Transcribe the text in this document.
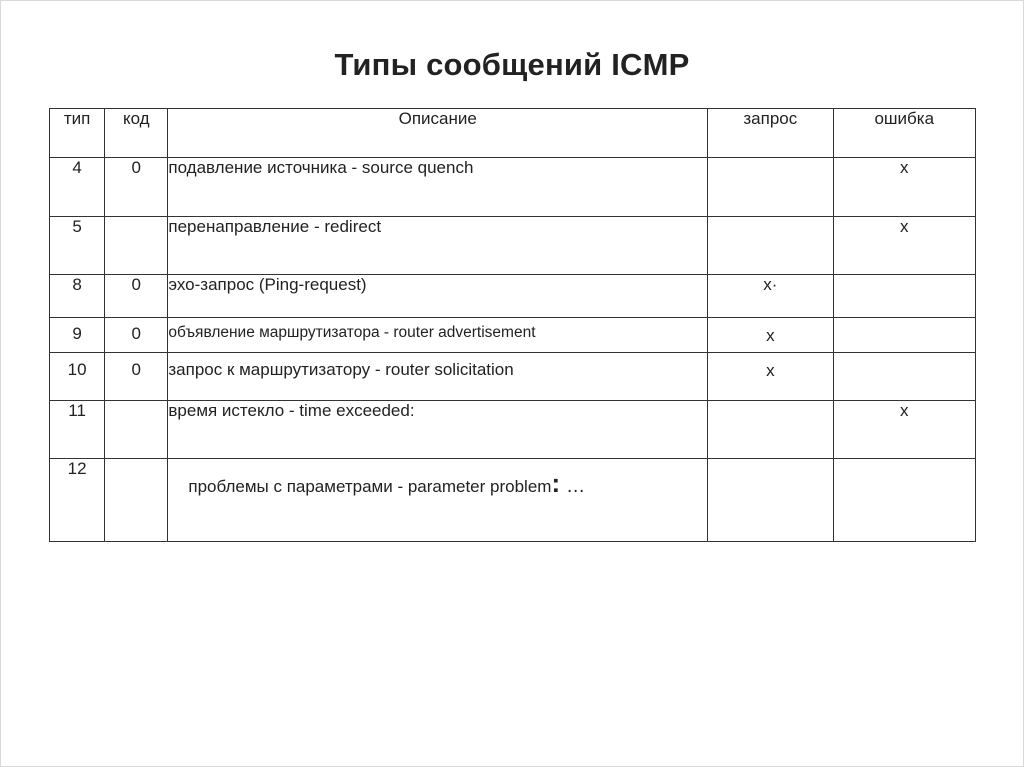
Типы сообщений ICMP
тип	код	Описание	запрос	ошибка
4	0	подавление источника - source quench		x
5		перенаправление - redirect		x
8	0	эхо-запрос (Ping-request)	x·	
9	0	объявление маршрутизатора - router advertisement	x	
10	0	запрос к маршрутизатору - router solicitation	x	
11		время истекло - time exceeded:		x
12		проблемы с параметрами - parameter problem: …		
